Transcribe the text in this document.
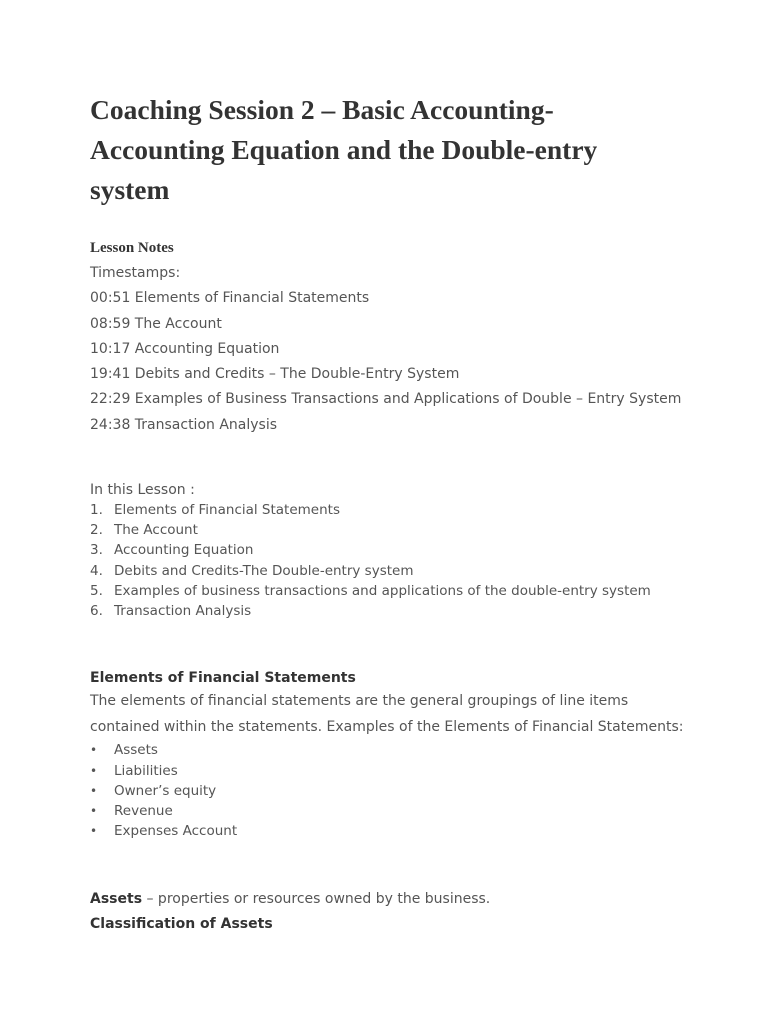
Coaching Session 2 – Basic Accounting-
Accounting Equation and the Double-entry
system
Lesson Notes
Timestamps:
00:51 Elements of Financial Statements
08:59 The Account
10:17 Accounting Equation
19:41 Debits and Credits – The Double-Entry System
22:29 Examples of Business Transactions and Applications of Double – Entry System
24:38 Transaction Analysis
In this Lesson :
1. Elements of Financial Statements
2. The Account
3. Accounting Equation
4. Debits and Credits-The Double-entry system
5. Examples of business transactions and applications of the double-entry system
6. Transaction Analysis
Elements of Financial Statements
The elements of financial statements are the general groupings of line items
contained within the statements. Examples of the Elements of Financial Statements:
• Assets
• Liabilities
• Owner’s equity
• Revenue
• Expenses Account
Assets – properties or resources owned by the business.
Classification of Assets
